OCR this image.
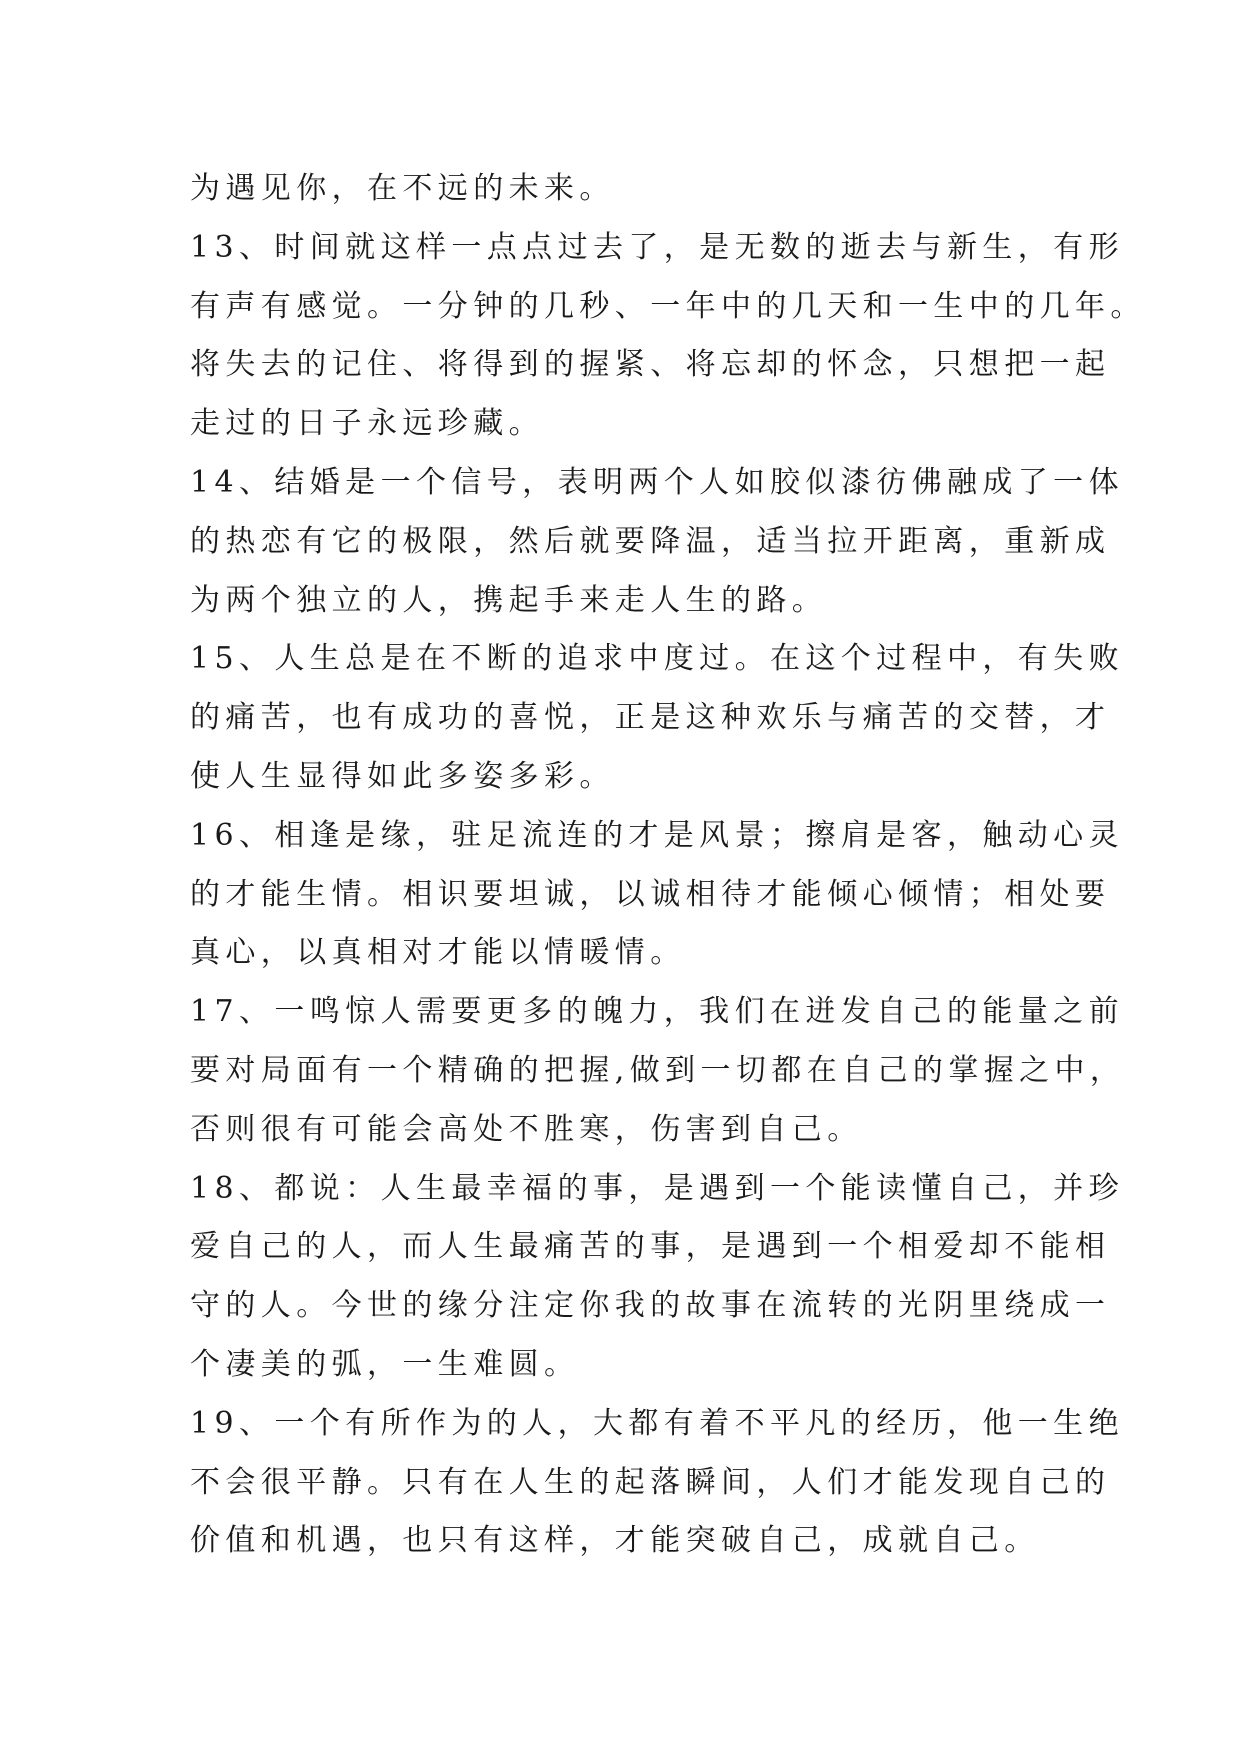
为遇见你，在不远的未来。
13、时间就这样一点点过去了，是无数的逝去与新生，有形
有声有感觉。一分钟的几秒、一年中的几天和一生中的几年。
将失去的记住、将得到的握紧、将忘却的怀念，只想把一起
走过的日子永远珍藏。
14、结婚是一个信号，表明两个人如胶似漆彷佛融成了一体
的热恋有它的极限，然后就要降温，适当拉开距离，重新成
为两个独立的人，携起手来走人生的路。
15、人生总是在不断的追求中度过。在这个过程中，有失败
的痛苦，也有成功的喜悦，正是这种欢乐与痛苦的交替，才
使人生显得如此多姿多彩。
16、相逢是缘，驻足流连的才是风景；擦肩是客，触动心灵
的才能生情。相识要坦诚，以诚相待才能倾心倾情；相处要
真心，以真相对才能以情暖情。
17、一鸣惊人需要更多的魄力，我们在迸发自己的能量之前
要对局面有一个精确的把握,做到一切都在自己的掌握之中，
否则很有可能会高处不胜寒，伤害到自己。
18、都说：人生最幸福的事，是遇到一个能读懂自己，并珍
爱自己的人，而人生最痛苦的事，是遇到一个相爱却不能相
守的人。今世的缘分注定你我的故事在流转的光阴里绕成一
个凄美的弧，一生难圆。
19、一个有所作为的人，大都有着不平凡的经历，他一生绝
不会很平静。只有在人生的起落瞬间，人们才能发现自己的
价值和机遇，也只有这样，才能突破自己，成就自己。
